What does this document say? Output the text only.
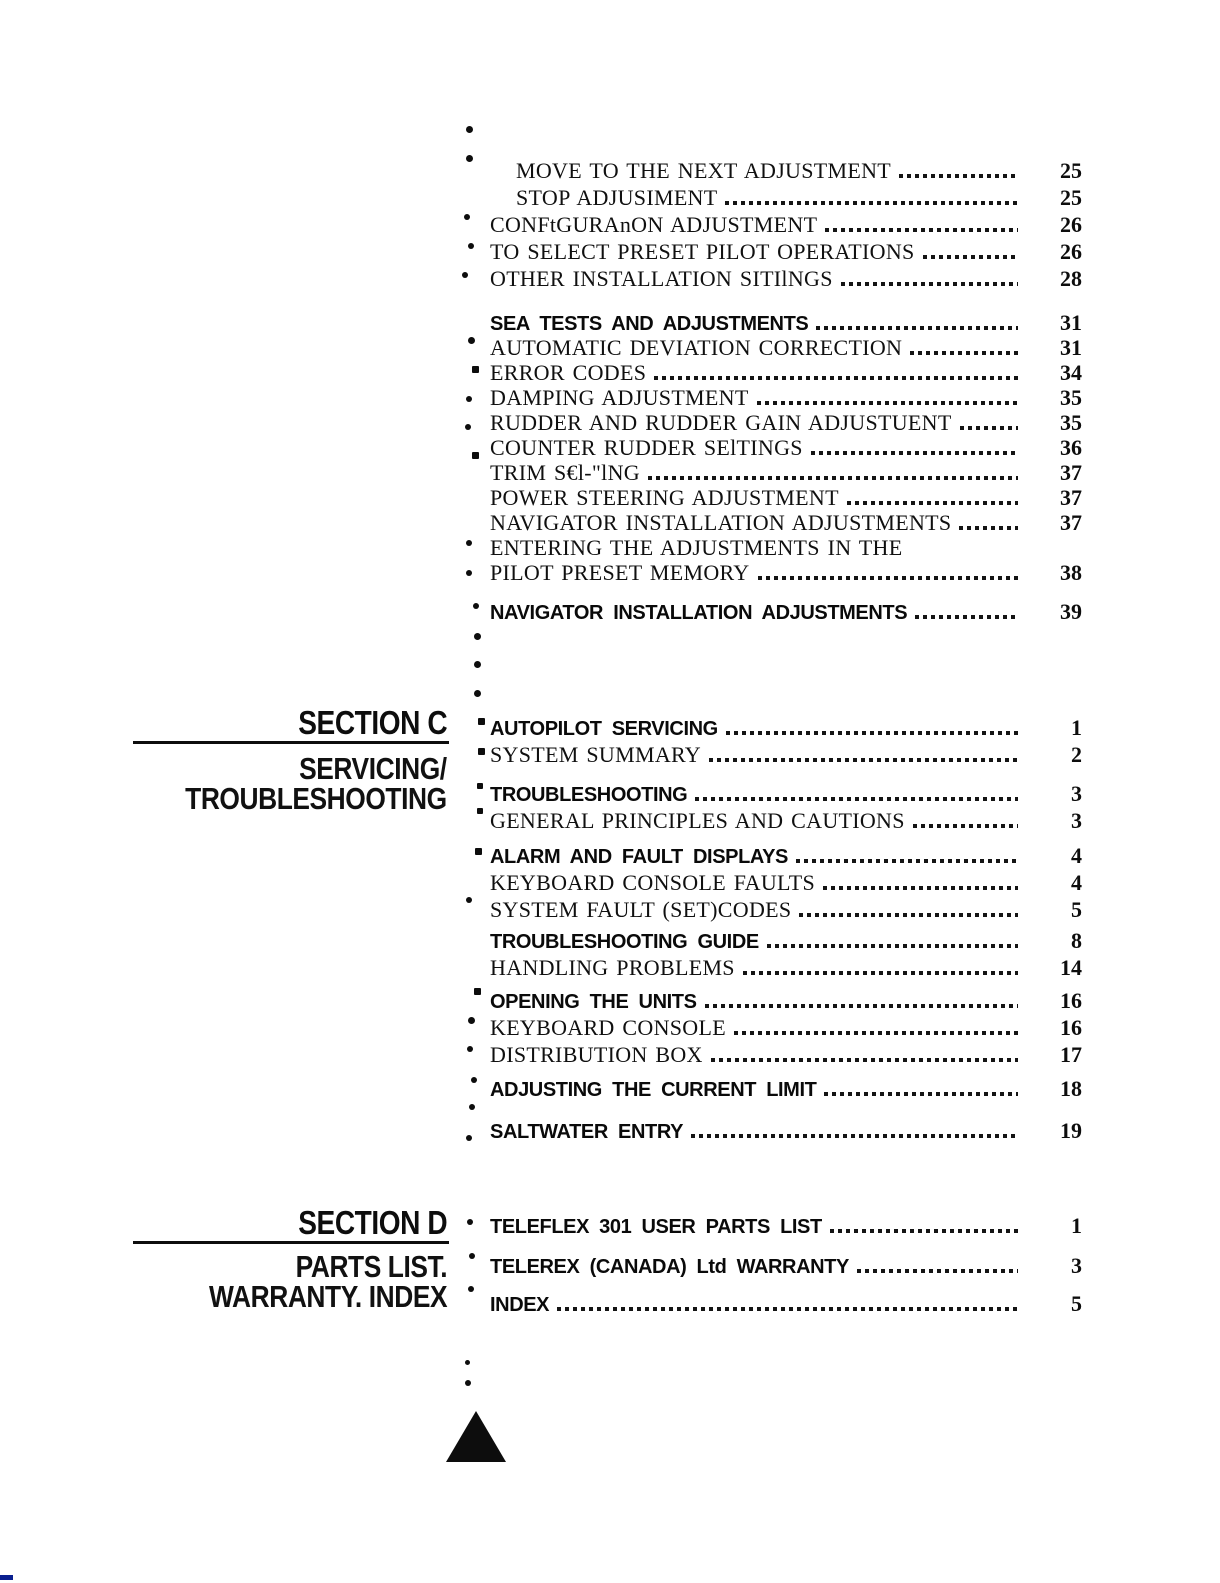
SECTION C
SERVICING/
TROUBLESHOOTING
SECTION D
PARTS LIST.
WARRANTY. INDEX
MOVE TO THE NEXT ADJUSTMENT	25
STOP ADJUSIMENT	25
CONFtGURAnON ADJUSTMENT	26
TO SELECT PRESET PILOT OPERATIONS	26
OTHER INSTALLATION SITIlNGS	28
SEA TESTS AND ADJUSTMENTS	31
AUTOMATIC DEVIATION CORRECTION	31
ERROR CODES	34
DAMPING ADJUSTMENT	35
RUDDER AND RUDDER GAIN ADJUSTUENT	35
COUNTER RUDDER SElTINGS	36
TRIM S€l-"lNG	37
POWER STEERING ADJUSTMENT	37
NAVIGATOR INSTALLATION ADJUSTMENTS	37
ENTERING THE ADJUSTMENTS IN THE
PILOT PRESET MEMORY	38
NAVIGATOR INSTALLATION ADJUSTMENTS	39
AUTOPILOT SERVICING	1
SYSTEM SUMMARY	2
TROUBLESHOOTING	3
GENERAL PRINCIPLES AND CAUTIONS	3
ALARM AND FAULT DISPLAYS	4
KEYBOARD CONSOLE FAULTS	4
SYSTEM FAULT (SET)CODES	5
TROUBLESHOOTING GUIDE	8
HANDLING PROBLEMS	14
OPENING THE UNITS	16
KEYBOARD CONSOLE	16
DISTRIBUTION BOX	17
ADJUSTING THE CURRENT LIMIT	18
SALTWATER ENTRY	19
TELEFLEX 301 USER PARTS LIST	1
TELEREX (CANADA) Ltd WARRANTY	3
INDEX	5
